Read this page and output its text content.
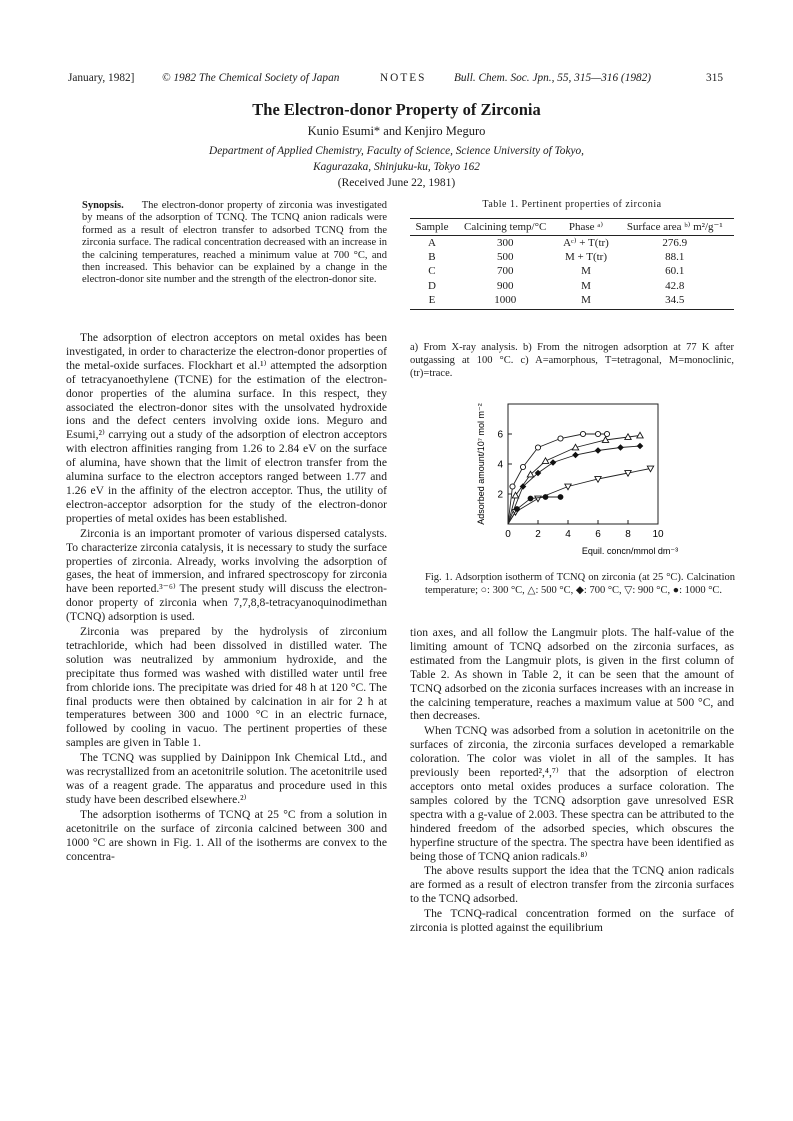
January, 1982] © 1982 The Chemical Society of Japan	NOTES Bull. Chem. Soc. Jpn., 55, 315—316 (1982)	315
The Electron-donor Property of Zirconia
Kunio Esumi* and Kenjiro Meguro
Department of Applied Chemistry, Faculty of Science, Science University of Tokyo,
Kagurazaka, Shinjuku-ku, Tokyo 162
(Received June 22, 1981)
Synopsis. The electron-donor property of zirconia was investigated by means of the adsorption of TCNQ. The TCNQ anion radicals were formed as a result of electron transfer to adsorbed TCNQ from the zirconia surface. The radical concentration decreased with an increase in the calcining temperatures, reached a minimum value at 700 °C, and then increased. This behavior can be explained by a change in the electron-donor site number and the strength of the electron-donor site.

The adsorption of electron acceptors on metal oxides has been investigated, in order to characterize the electron-donor properties of the metal-oxide surfaces. Flockhart et al.¹⁾ attempted the adsorption of tetracyanoethylene (TCNE) for the estimation of the electron-donor properties of the alumina surface. In this respect, they associated the electron-donor sites with the unsolvated hydroxide ions and the defect centers involving oxide ions. Meguro and Esumi,²⁾ carrying out a study of the adsorption of electron acceptors with electron affinities ranging from 1.26 to 2.84 eV on the surface of alumina, have shown that the limit of electron transfer from the alumina surface to the electron acceptors ranged between 1.77 and 1.26 eV in the affinity of the electron acceptor. Thus, the utility of electron-acceptor adsorption for the study of the electron-donor properties of metal oxides has been established.

Zirconia is an important promoter of various dispersed catalysts. To characterize zirconia catalysis, it is necessary to study the surface properties of zirconia. Already, works involving the adsorption of gases, the heat of immersion, and infrared spectroscopy for zirconia have been reported.³⁻⁶⁾ The present study will discuss the electron-donor property of zirconia when 7,7,8,8-tetracyanoquinodimethan (TCNQ) adsorption is used.

Zirconia was prepared by the hydrolysis of zirconium tetrachloride, which had been dissolved in distilled water. The solution was neutralized by ammonium hydroxide, and the precipitate thus formed was washed with distilled water until free from chloride ions. The precipitate was dried for 48 h at 120 °C. The final products were then obtained by calcination in air for 2 h at temperatures between 300 and 1000 °C in an electric furnace, followed by cooling in vacuo. The pertinent properties of these samples are given in Table 1.

The TCNQ was supplied by Dainippon Ink Chemical Ltd., and was recrystallized from an acetonitrile solution. The acetonitrile used was of a reagent grade. The apparatus and procedure used in this study have been described elsewhere.²⁾

The adsorption isotherms of TCNQ at 25 °C from a solution in acetonitrile on the surface of zirconia calcined between 300 and 1000 °C are shown in Fig. 1. All of the isotherms are convex to the concentra-

Table 1. Pertinent properties of zirconia
Sample	Calcining temp/°C	Phase ᵃ⁾	Surface area ᵇ⁾ m²/g⁻¹
A	300	Aᶜ⁾ + T(tr)	276.9
B	500	M + T(tr)	88.1
C	700	M	60.1
D	900	M	42.8
E	1000	M	34.5
a) From X-ray analysis. b) From the nitrogen adsorption at 77 K after outgassing at 100 °C. c) A=amorphous, T=tetragonal, M=monoclinic, (tr)=trace.
0 2 4 6 8 10
2
4
6
Equil. concn/mmol dm⁻³
Adsorbed amount/10⁷ mol m⁻²
Fig. 1. Adsorption isotherm of TCNQ on zirconia (at 25 °C). Calcination temperature; ○: 300 °C, △: 500 °C, ◆: 700 °C, ▽: 900 °C, ●: 1000 °C.

tion axes, and all follow the Langmuir plots. The half-value of the limiting amount of TCNQ adsorbed on the zirconia surfaces, as estimated from the Langmuir plots, is given in the first column of Table 2. As shown in Table 2, it can be seen that the amount of TCNQ adsorbed on the ziconia surfaces increases with an increase in the calcining temperature, reaches a maximum value at 500 °C, and then decreases.

When TCNQ was adsorbed from a solution in acetonitrile on the surfaces of zirconia, the zirconia surfaces developed a remarkable coloration. The color was violet in all of the samples. It has previously been reported²,⁴,⁷⁾ that the adsorption of electron acceptors onto metal oxides produces a surface coloration. The samples colored by the TCNQ adsorption gave unresolved ESR spectra with a g-value of 2.003. These spectra can be attributed to the hindered freedom of the adsorbed species, which obscures the hyperfine structure of the spectra. The spectra have been identified as being those of TCNQ anion radicals.⁸⁾

The above results support the idea that the TCNQ anion radicals are formed as a result of electron transfer from the zirconia surfaces to the TCNQ adsorbed.

The TCNQ-radical concentration formed on the surface of zirconia is plotted against the equilibrium
